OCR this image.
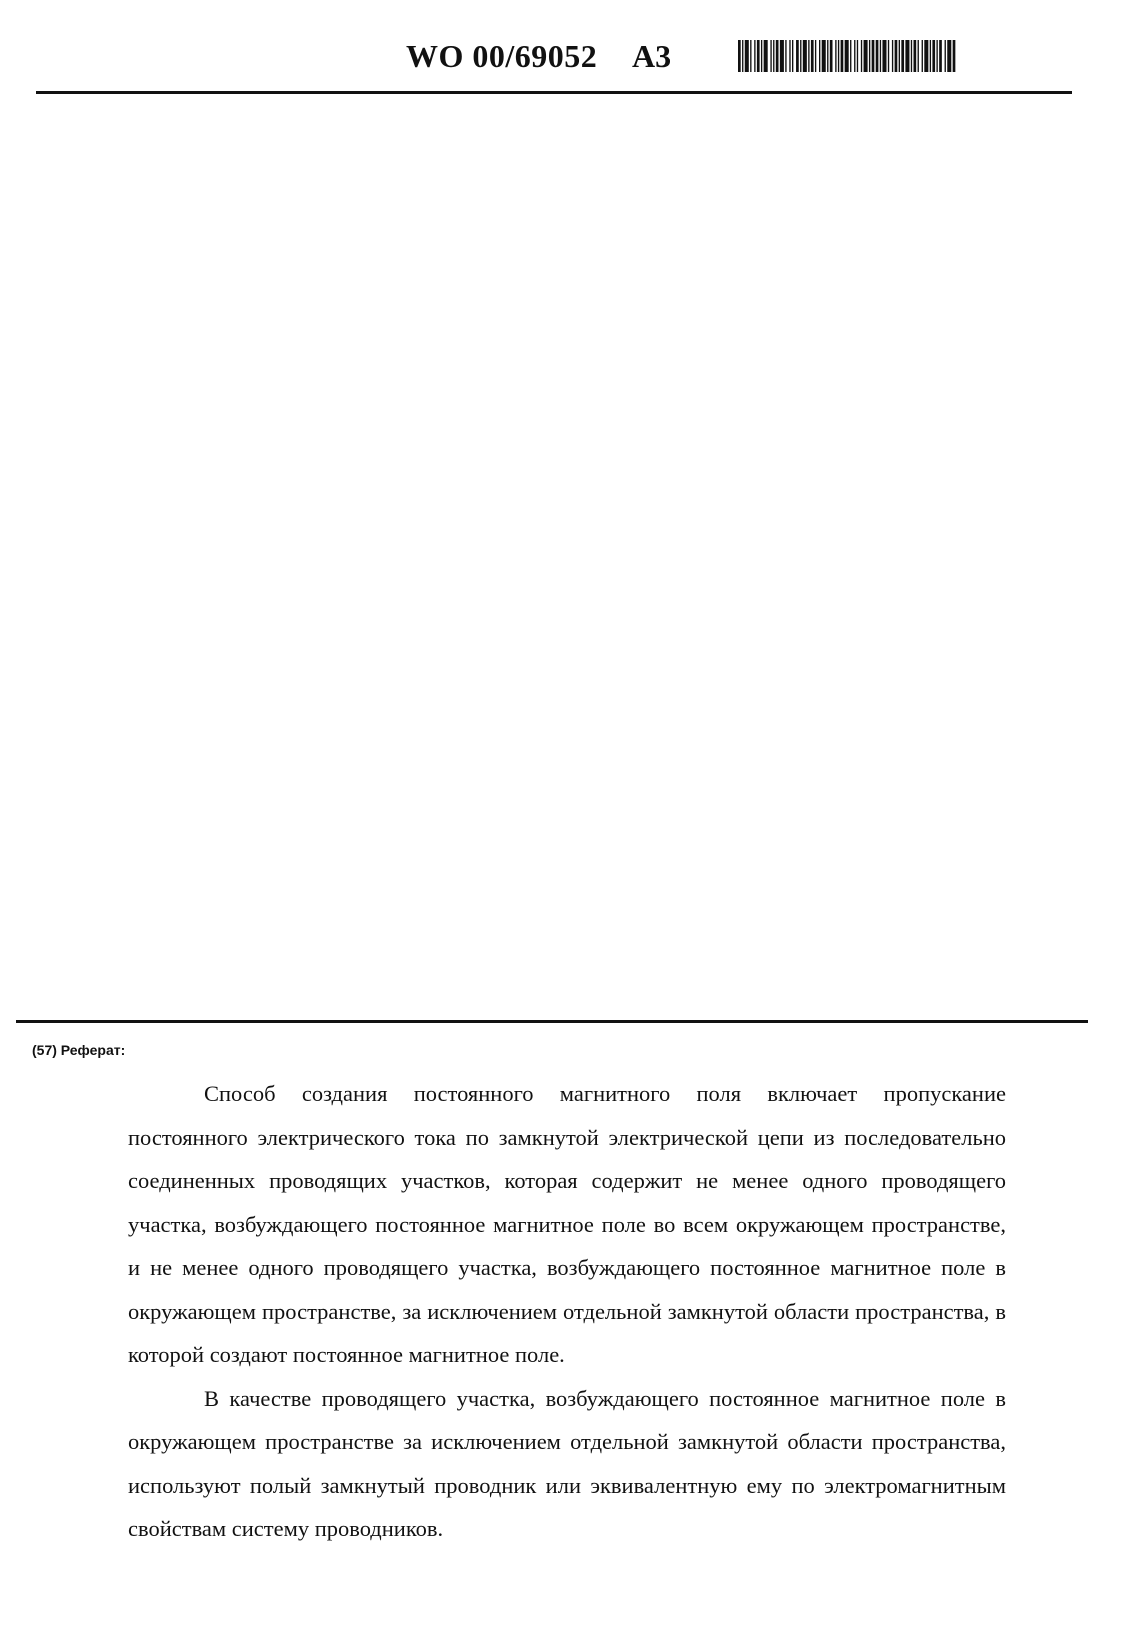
WO 00/69052 A3
(57) Реферат:

Способ создания постоянного магнитного поля включает пропускание постоянного электрического тока по замкнутой электрической цепи из последовательно соединенных проводящих участков, которая содержит не менее одного проводящего участка, возбуждающего постоянное магнитное поле во всем окружающем пространстве, и не менее одного проводящего участка, возбуждающего постоянное магнитное поле в окружающем пространстве, за исключением отдельной замкнутой области пространства, в которой создают постоянное магнитное поле.

В качестве проводящего участка, возбуждающего постоянное магнитное поле в окружающем пространстве за исключением отдельной замкнутой области пространства, используют полый замкнутый проводник или эквивалентную ему по электромагнитным свойствам систему проводников.
